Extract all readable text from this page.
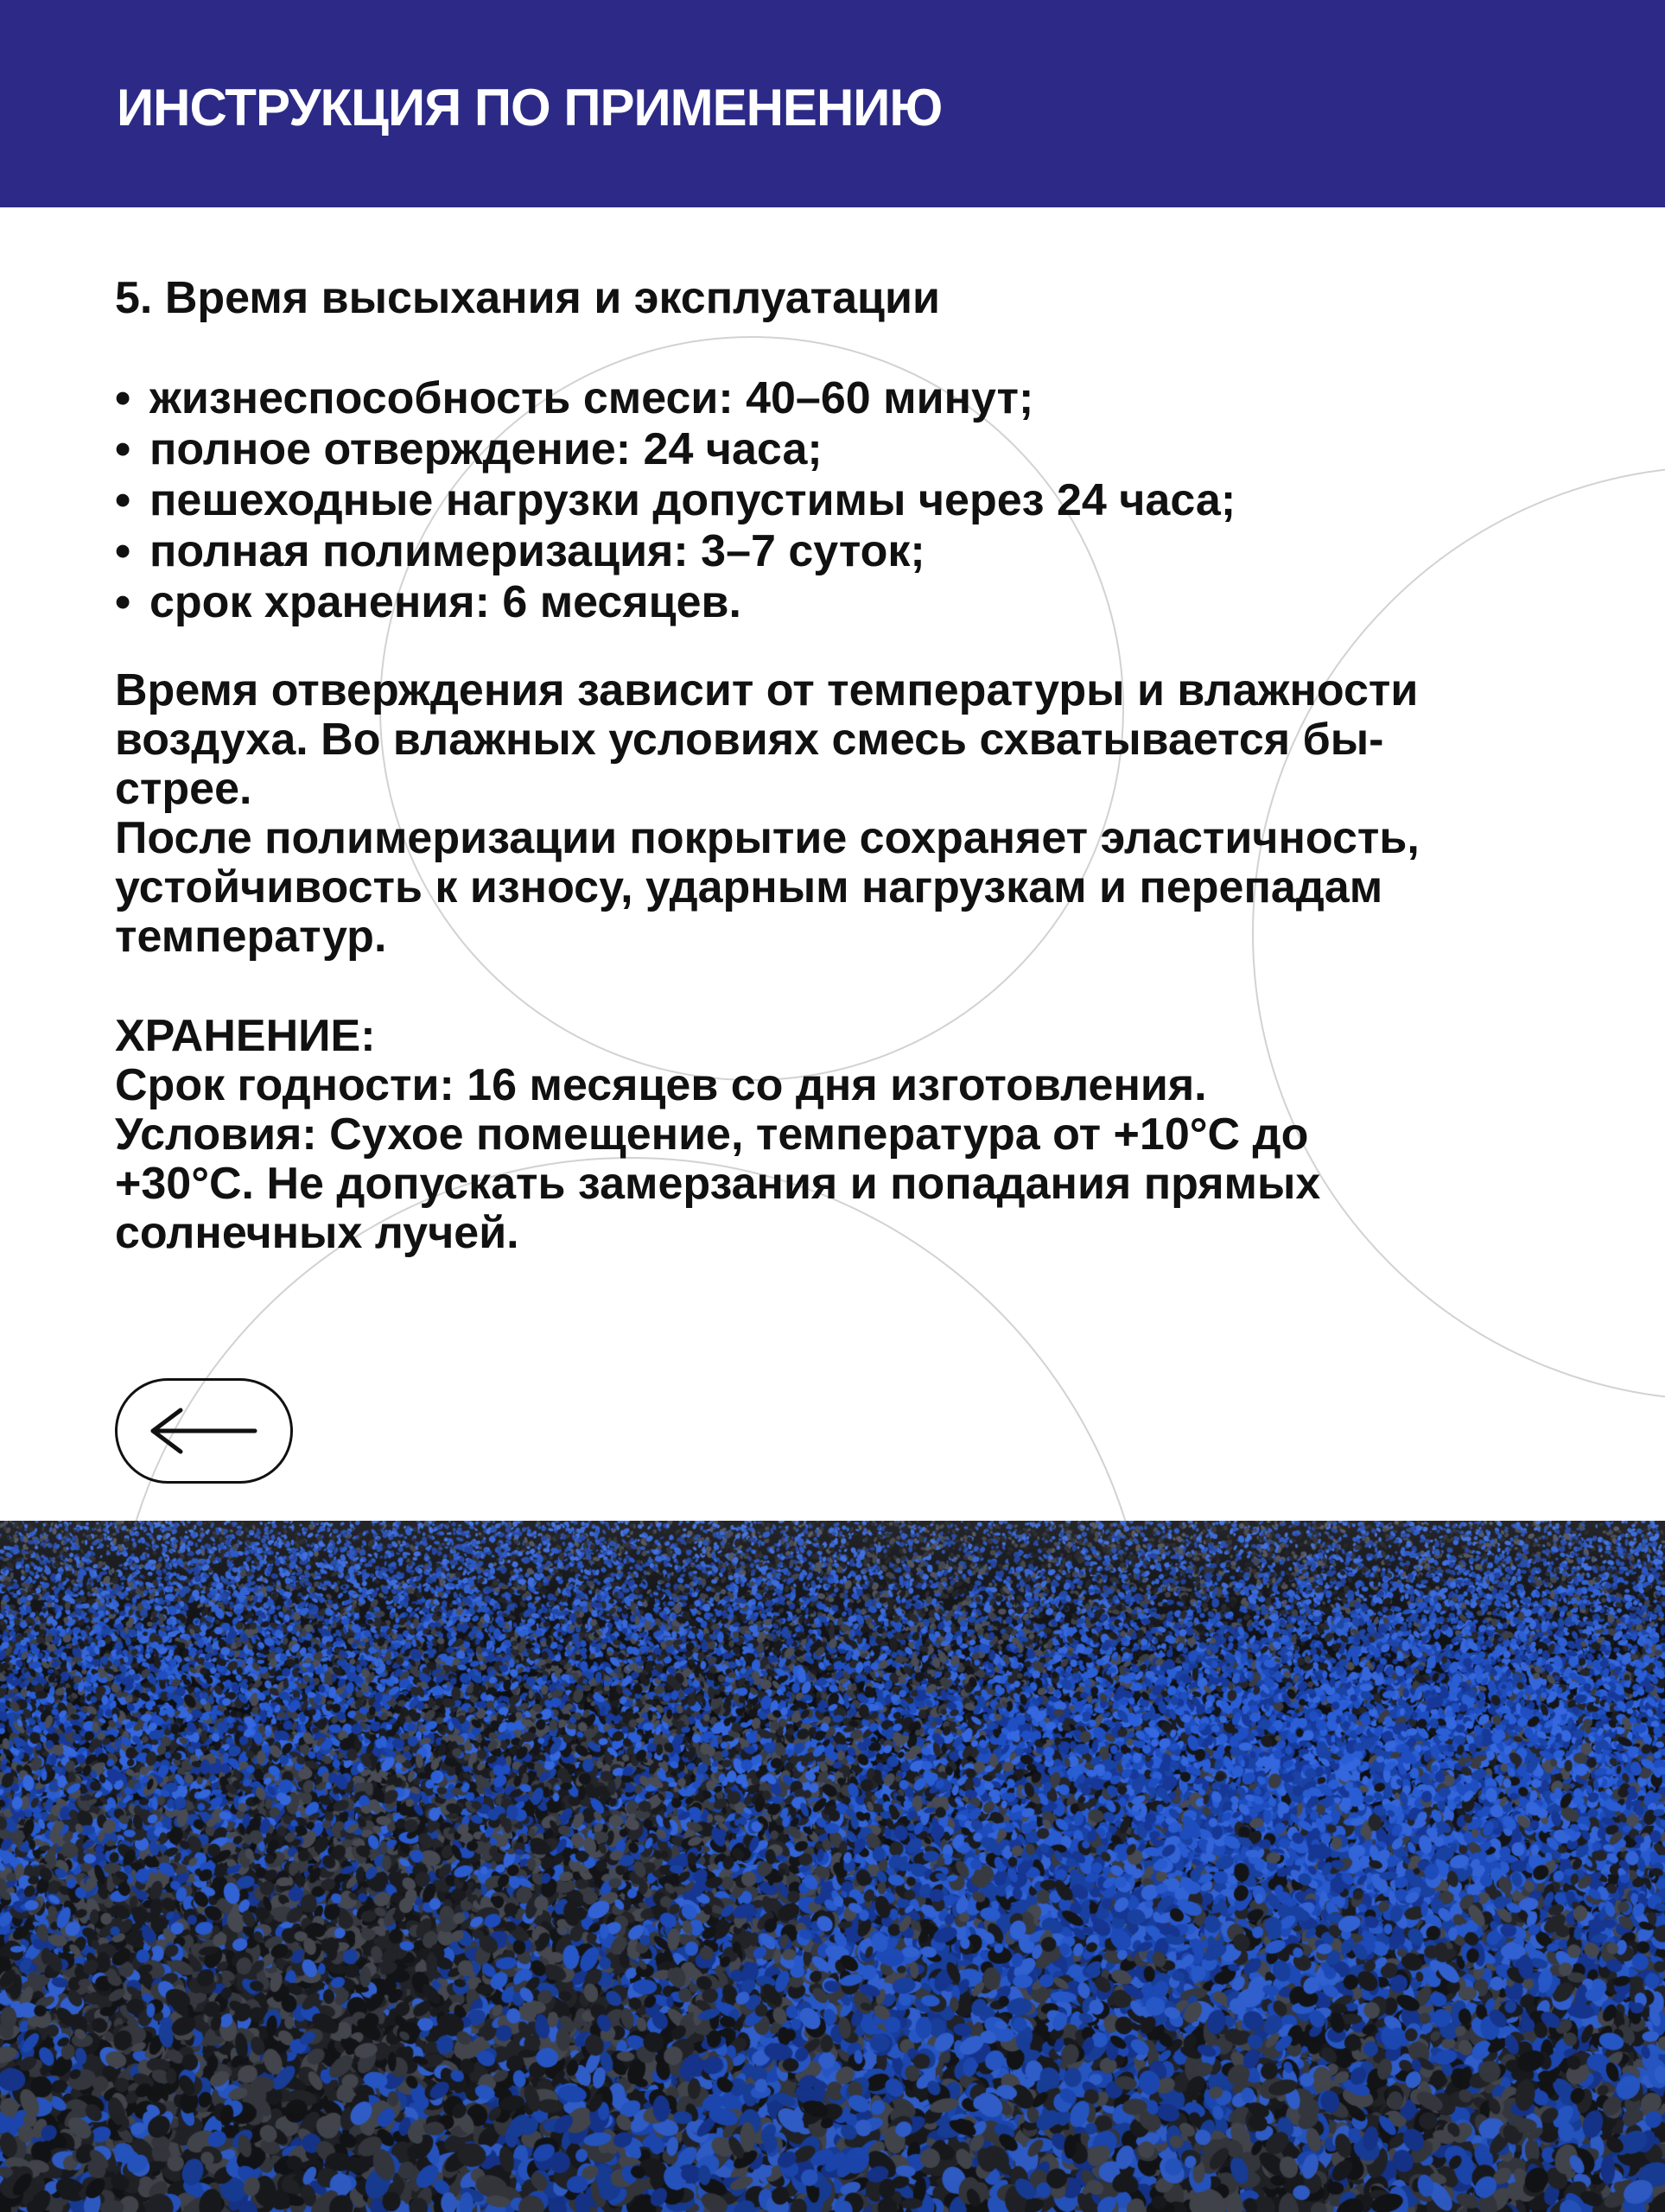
ИНСТРУКЦИЯ ПО ПРИМЕНЕНИЮ
5. Время высыхания и эксплуатации
• жизнеспособность смеси: 40–60 минут;
• полное отверждение: 24 часа;
• пешеходные нагрузки допустимы через 24 часа;
• полная полимеризация: 3–7 суток;
• срок хранения: 6 месяцев.

Время отверждения зависит от температуры и влажности

воздуха. Во влажных условиях смесь схватывается бы-

стрее.

После полимеризации покрытие сохраняет эластичность,

устойчивость к износу, ударным нагрузкам и перепадам

температур.

ХРАНЕНИЕ:

Срок годности: 16 месяцев со дня изготовления.

Условия: Сухое помещение, температура от +10°C до

+30°C. Не допускать замерзания и попадания прямых

солнечных лучей.
